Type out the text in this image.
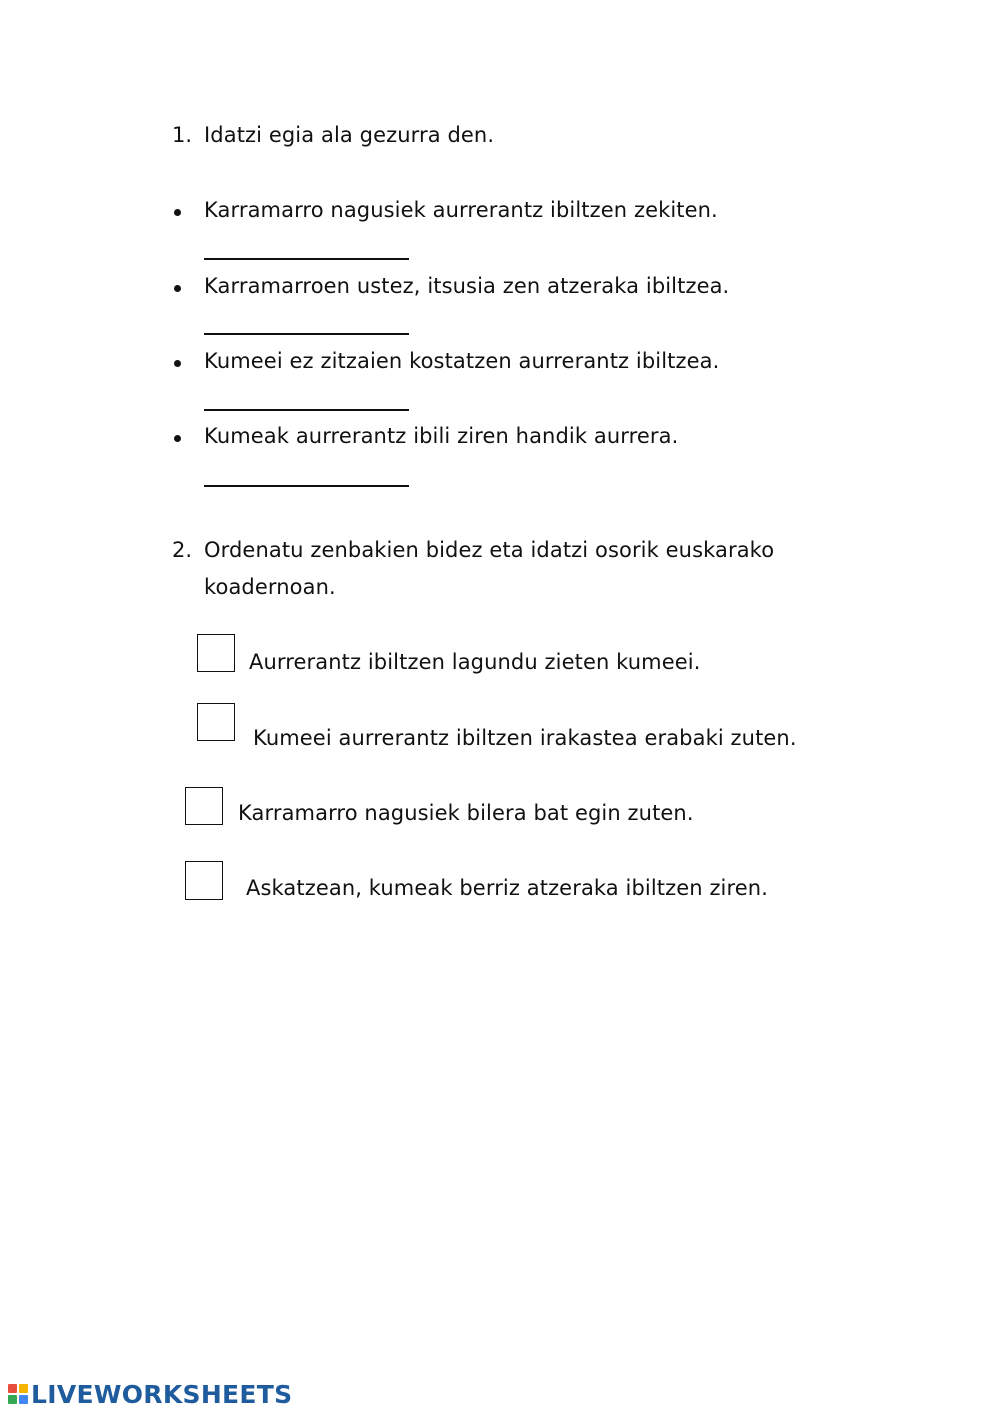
1. Idatzi egia ala gezurra den.
Karramarro nagusiek aurrerantz ibiltzen zekiten.
Karramarroen ustez, itsusia zen atzeraka ibiltzea.
Kumeei ez zitzaien kostatzen aurrerantz ibiltzea.
Kumeak aurrerantz ibili ziren handik aurrera.
2. Ordenatu zenbakien bidez eta idatzi osorik euskarako
koadernoan.
Aurrerantz ibiltzen lagundu zieten kumeei.
Kumeei aurrerantz ibiltzen irakastea erabaki zuten.
Karramarro nagusiek bilera bat egin zuten.
Askatzean, kumeak berriz atzeraka ibiltzen ziren.
LIVEWORKSHEETS
